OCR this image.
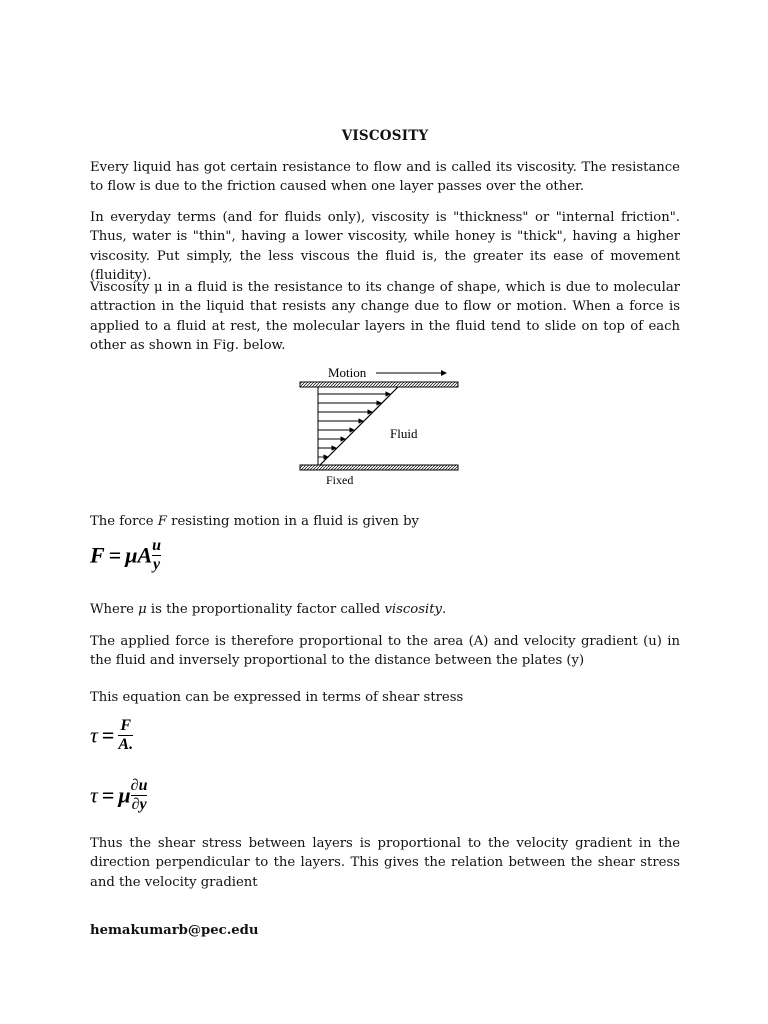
VISCOSITY

Every liquid has got certain resistance to flow and is called its viscosity. The resistance to flow is due to the friction caused when one layer passes over the other.

In everyday terms (and for fluids only), viscosity is "thickness" or "internal friction". Thus, water is "thin", having a lower viscosity, while honey is "thick", having a higher viscosity. Put simply, the less viscous the fluid is, the greater its ease of movement (fluidity).

Viscosity μ in a fluid is the resistance to its change of shape, which is due to molecular attraction in the liquid that resists any change due to flow or motion. When a force is applied to a fluid at rest, the molecular layers in the fluid tend to slide on top of each other as shown in Fig. below.

Motion
Fluid
Fixed

The force F resisting motion in a fluid is given by

F = μA $\frac{u}{y}$

Where μ is the proportionality factor called viscosity.

The applied force is therefore proportional to the area (A) and velocity gradient (u) in the fluid and inversely proportional to the distance between the plates (y)

This equation can be expressed in terms of shear stress

$\tau = \frac{F}{A.}$
τ = μ $\frac{\partial u}{\partial y}$

Thus the shear stress between layers is proportional to the velocity gradient in the direction perpendicular to the layers. This gives the relation between the shear stress and the velocity gradient

hemakumarb@pec.edu
